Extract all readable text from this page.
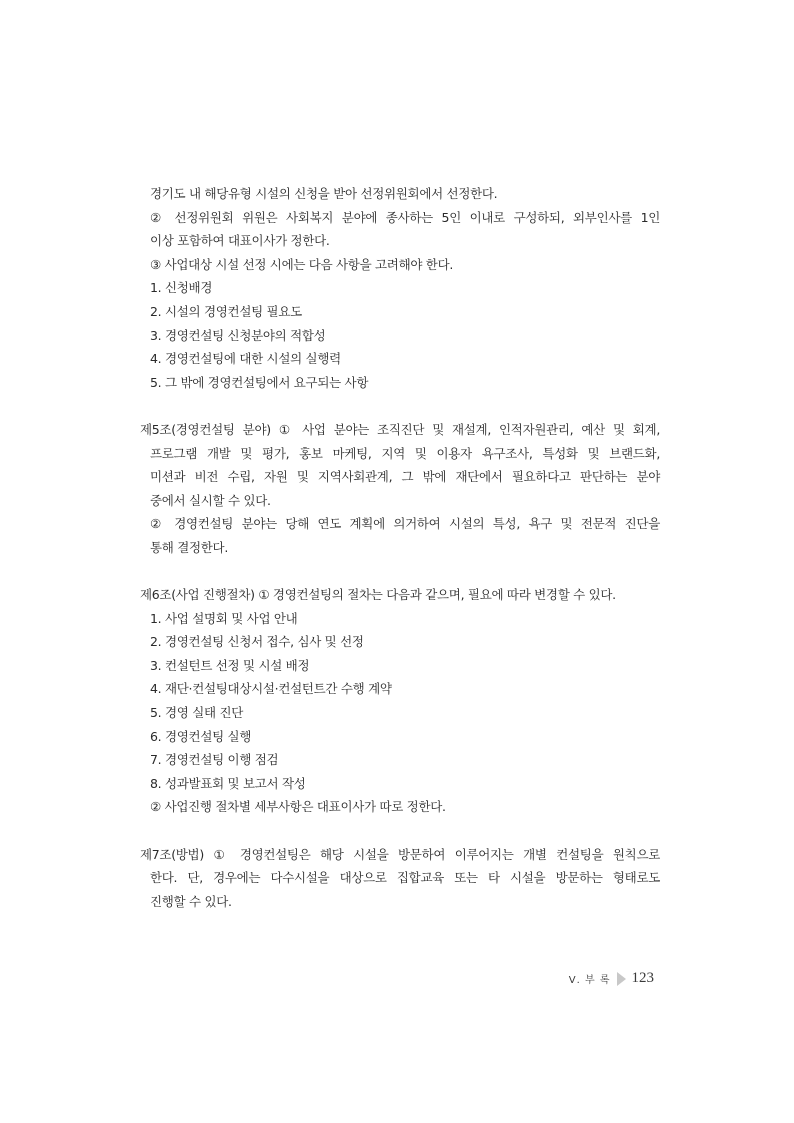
경기도 내 해당유형 시설의 신청을 받아 선정위원회에서 선정한다.
② 선정위원회 위원은 사회복지 분야에 종사하는 5인 이내로 구성하되, 외부인사를 1인
이상 포함하여 대표이사가 정한다.
③ 사업대상 시설 선정 시에는 다음 사항을 고려해야 한다.
1. 신청배경
2. 시설의 경영컨설팅 필요도
3. 경영컨설팅 신청분야의 적합성
4. 경영컨설팅에 대한 시설의 실행력
5. 그 밖에 경영컨설팅에서 요구되는 사항
제5조(경영컨설팅 분야) ① 사업 분야는 조직진단 및 재설계, 인적자원관리, 예산 및 회계,
프로그램 개발 및 평가, 홍보 마케팅, 지역 및 이용자 욕구조사, 특성화 및 브랜드화,
미션과 비전 수립, 자원 및 지역사회관계, 그 밖에 재단에서 필요하다고 판단하는 분야
중에서 실시할 수 있다.
② 경영컨설팅 분야는 당해 연도 계획에 의거하여 시설의 특성, 욕구 및 전문적 진단을
통해 결정한다.
제6조(사업 진행절차) ① 경영컨설팅의 절차는 다음과 같으며, 필요에 따라 변경할 수 있다.
1. 사업 설명회 및 사업 안내
2. 경영컨설팅 신청서 접수, 심사 및 선정
3. 컨설턴트 선정 및 시설 배정
4. 재단·컨설팅대상시설·컨설턴트간 수행 계약
5. 경영 실태 진단
6. 경영컨설팅 실행
7. 경영컨설팅 이행 점검
8. 성과발표회 및 보고서 작성
② 사업진행 절차별 세부사항은 대표이사가 따로 정한다.
제7조(방법) ① 경영컨설팅은 해당 시설을 방문하여 이루어지는 개별 컨설팅을 원칙으로
한다. 단, 경우에는 다수시설을 대상으로 집합교육 또는 타 시설을 방문하는 형태로도
진행할 수 있다.
Ⅴ. 부 록 123
